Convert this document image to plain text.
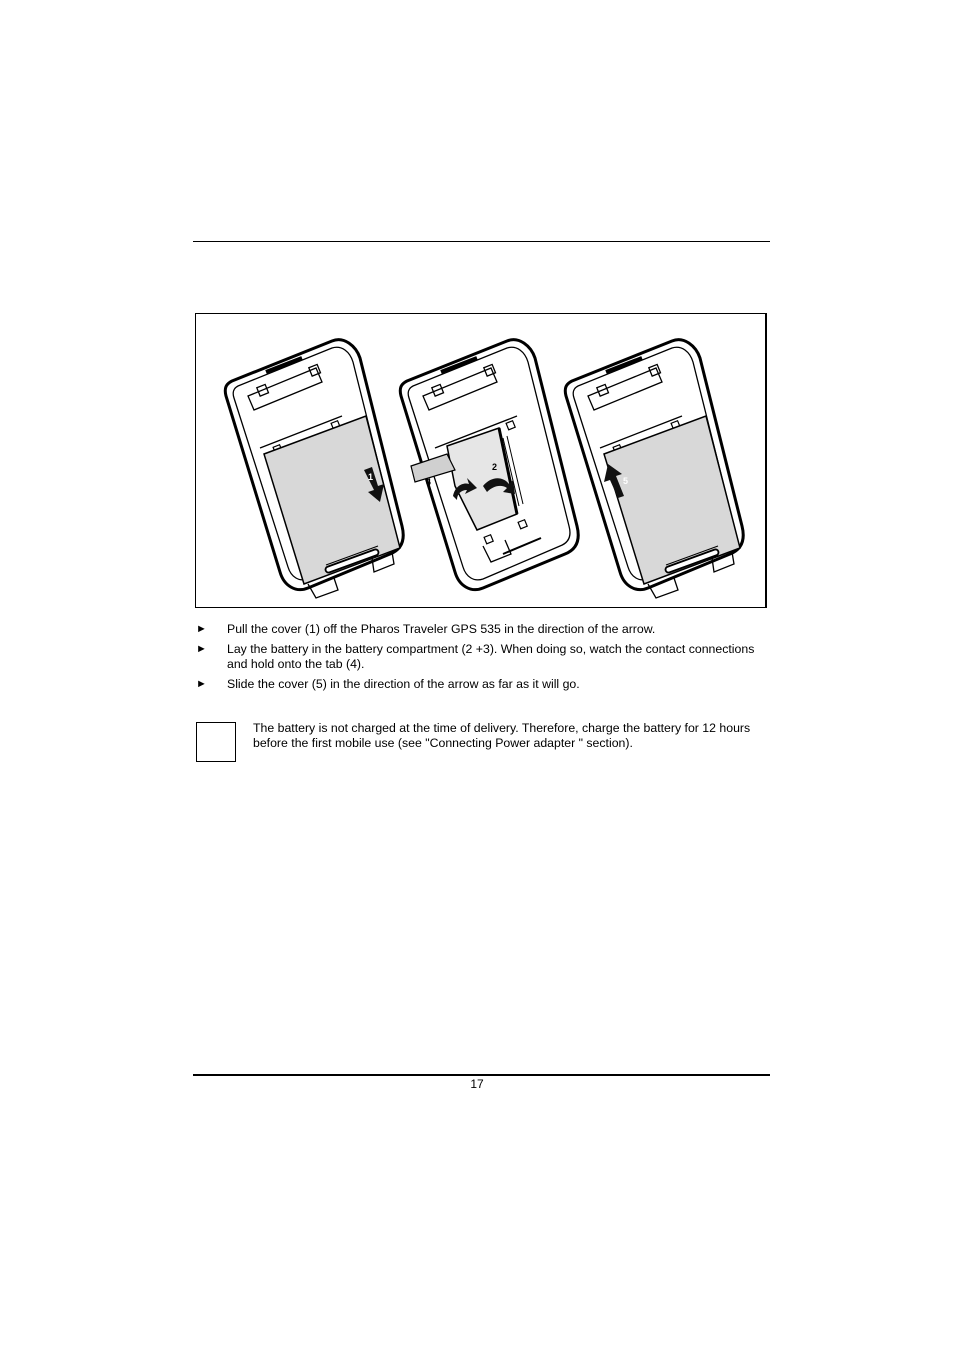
1
2
4	5
► Pull the cover (1) off the Pharos Traveler GPS 535 in the direction of the arrow.
► Lay the battery in the battery compartment (2 +3). When doing so, watch the contact connections and hold onto the tab (4).
► Slide the cover (5) in the direction of the arrow as far as it will go.
The battery is not charged at the time of delivery. Therefore, charge the battery for 12 hours before the first mobile use (see "Connecting Power adapter " section).
17
